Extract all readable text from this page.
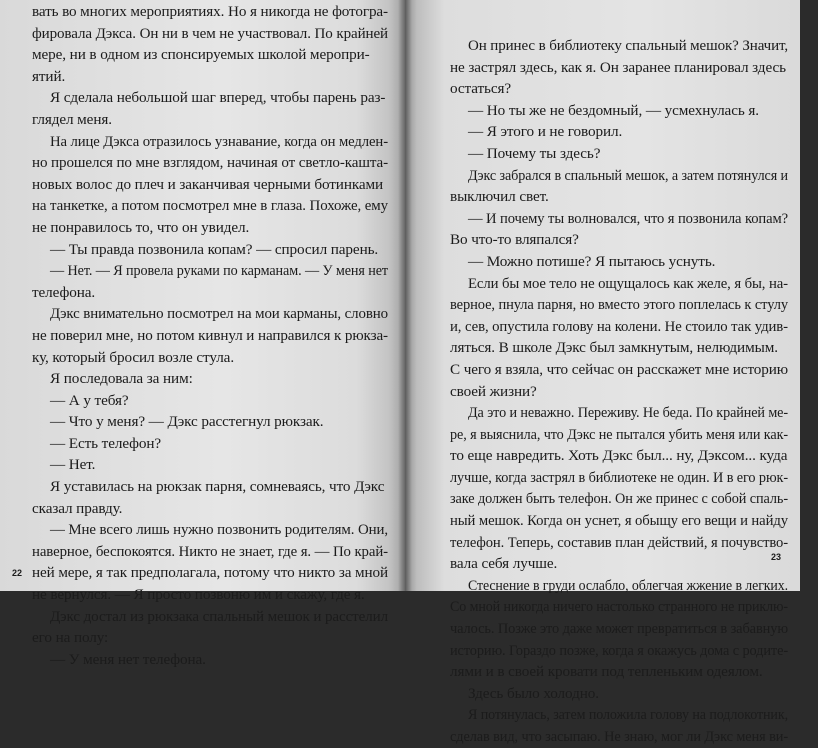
вать во многих мероприятиях. Но я никогда не фотогра-
фировала Дэкса. Он ни в чем не участвовал. По крайней
мере, ни в одном из спонсируемых школой меропри-
ятий.
Я сделала небольшой шаг вперед, чтобы парень раз-
глядел меня.
На лице Дэкса отразилось узнавание, когда он медлен-
но прошелся по мне взглядом, начиная от светло-кашта-
новых волос до плеч и заканчивая черными ботинками
на танкетке, а потом посмотрел мне в глаза. Похоже, ему
не понравилось то, что он увидел.
— Ты правда позвонила копам? — спросил парень.
— Нет. — Я провела руками по карманам. — У меня нет
телефона.
Дэкс внимательно посмотрел на мои карманы, словно
не поверил мне, но потом кивнул и направился к рюкза-
ку, который бросил возле стула.
Я последовала за ним:
— А у тебя?
— Что у меня? — Дэкс расстегнул рюкзак.
— Есть телефон?
— Нет.
Я уставилась на рюкзак парня, сомневаясь, что Дэкс
сказал правду.
— Мне всего лишь нужно позвонить родителям. Они,
наверное, беспокоятся. Никто не знает, где я. — По край-
ней мере, я так предполагала, потому что никто за мной
не вернулся. — Я просто позвоню им и скажу, где я.
Дэкс достал из рюкзака спальный мешок и расстелил
его на полу:
— У меня нет телефона.
22
Он принес в библиотеку спальный мешок? Значит,
не застрял здесь, как я. Он заранее планировал здесь
остаться?
— Но ты же не бездомный, — усмехнулась я.
— Я этого и не говорил.
— Почему ты здесь?
Дэкс забрался в спальный мешок, а затем потянулся и
выключил свет.
— И почему ты волновался, что я позвонила копам?
Во что-то вляпался?
— Можно потише? Я пытаюсь уснуть.
Если бы мое тело не ощущалось как желе, я бы, на-
верное, пнула парня, но вместо этого поплелась к стулу
и, сев, опустила голову на колени. Не стоило так удив-
ляться. В школе Дэкс был замкнутым, нелюдимым.
С чего я взяла, что сейчас он расскажет мне историю
своей жизни?
Да это и неважно. Переживу. Не беда. По крайней ме-
ре, я выяснила, что Дэкс не пытался убить меня или как-
то еще навредить. Хоть Дэкс был... ну, Дэксом... куда
лучше, когда застрял в библиотеке не один. И в его рюк-
заке должен быть телефон. Он же принес с собой спаль-
ный мешок. Когда он уснет, я обыщу его вещи и найду
телефон. Теперь, составив план действий, я почувство-
вала себя лучше.
Стеснение в груди ослабло, облегчая жжение в легких.
Со мной никогда ничего настолько странного не приклю-
чалось. Позже это даже может превратиться в забавную
историю. Гораздо позже, когда я окажусь дома с родите-
лями и в своей кровати под тепленьким одеялом.
Здесь было холодно.
Я потянулась, затем положила голову на подлокотник,
сделав вид, что засыпаю. Не знаю, мог ли Дэкс меня ви-
23
